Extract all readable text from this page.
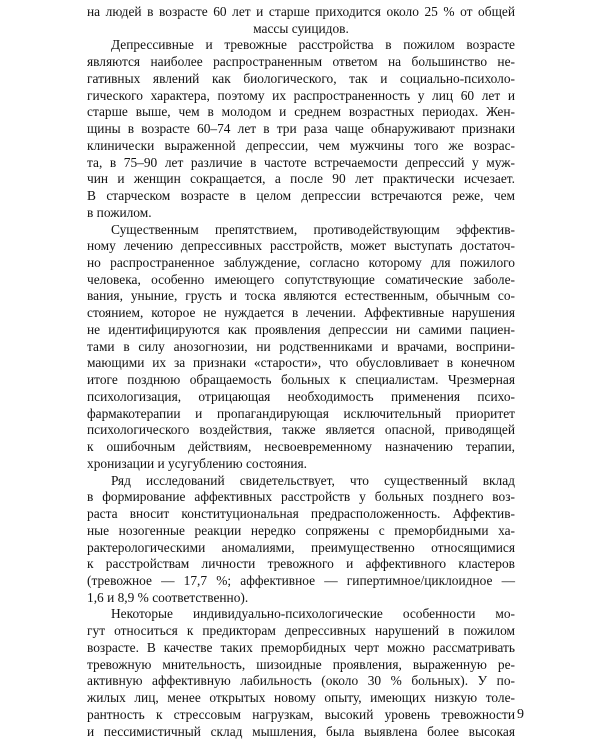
на людей в возрасте 60 лет и старше приходится около 25 % от общей
массы суицидов.
Депрессивные и тревожные расстройства в пожилом возрасте
являются наиболее распространенным ответом на большинство не-
гативных явлений как биологического, так и социально-психоло-
гического характера, поэтому их распространенность у лиц 60 лет и
старше выше, чем в молодом и среднем возрастных периодах. Жен-
щины в возрасте 60–74 лет в три раза чаще обнаруживают признаки
клинически выраженной депрессии, чем мужчины того же возрас-
та, в 75–90 лет различие в частоте встречаемости депрессий у муж-
чин и женщин сокращается, а после 90 лет практически исчезает.
В старческом возрасте в целом депрессии встречаются реже, чем
в пожилом.
Существенным препятствием, противодействующим эффектив-
ному лечению депрессивных расстройств, может выступать достаточ-
но распространенное заблуждение, согласно которому для пожилого
человека, особенно имеющего сопутствующие соматические заболе-
вания, уныние, грусть и тоска являются естественным, обычным со-
стоянием, которое не нуждается в лечении. Аффективные нарушения
не идентифицируются как проявления депрессии ни самими пациен-
тами в силу анозогнозии, ни родственниками и врачами, восприни-
мающими их за признаки «старости», что обусловливает в конечном
итоге позднюю обращаемость больных к специалистам. Чрезмерная
психологизация, отрицающая необходимость применения психо-
фармакотерапии и пропагандирующая исключительный приоритет
психологического воздействия, также является опасной, приводящей
к ошибочным действиям, несвоевременному назначению терапии,
хронизации и усугублению состояния.
Ряд исследований свидетельствует, что существенный вклад
в формирование аффективных расстройств у больных позднего воз-
раста вносит конституциональная предрасположенность. Аффектив-
ные нозогенные реакции нередко сопряжены с преморбидными ха-
рактерологическими аномалиями, преимущественно относящимися
к расстройствам личности тревожного и аффективного кластеров
(тревожное — 17,7 %; аффективное — гипертимное/циклоидное —
1,6 и 8,9 % соответственно).
Некоторые индивидуально-психологические особенности мо-
гут относиться к предикторам депрессивных нарушений в пожилом
возрасте. В качестве таких преморбидных черт можно рассматривать
тревожную мнительность, шизоидные проявления, выраженную ре-
активную аффективную лабильность (около 30 % больных). У по-
жилых лиц, менее открытых новому опыту, имеющих низкую толе-
рантность к стрессовым нагрузкам, высокий уровень тревожности
и пессимистичный склад мышления, была выявлена более высокая
9
